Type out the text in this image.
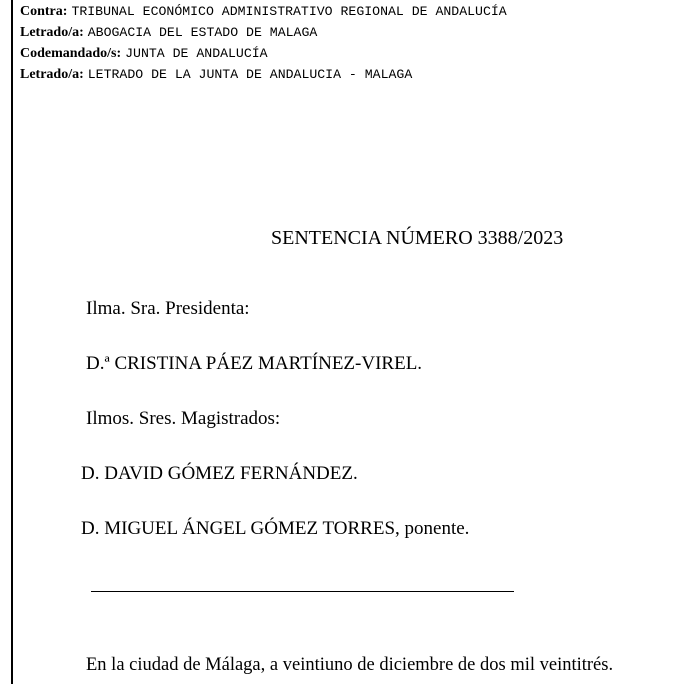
Contra: TRIBUNAL ECONÓMICO ADMINISTRATIVO REGIONAL DE ANDALUCÍA
Letrado/a: ABOGACIA DEL ESTADO DE MALAGA
Codemandado/s: JUNTA DE ANDALUCÍA
Letrado/a: LETRADO DE LA JUNTA DE ANDALUCIA - MALAGA
SENTENCIA NÚMERO 3388/2023
Ilma. Sra. Presidenta:
D.ª CRISTINA PÁEZ MARTÍNEZ-VIREL.
Ilmos. Sres. Magistrados:
D. DAVID GÓMEZ FERNÁNDEZ.
D. MIGUEL ÁNGEL GÓMEZ TORRES, ponente.
En la ciudad de Málaga, a veintiuno de diciembre de dos mil veintitrés.
